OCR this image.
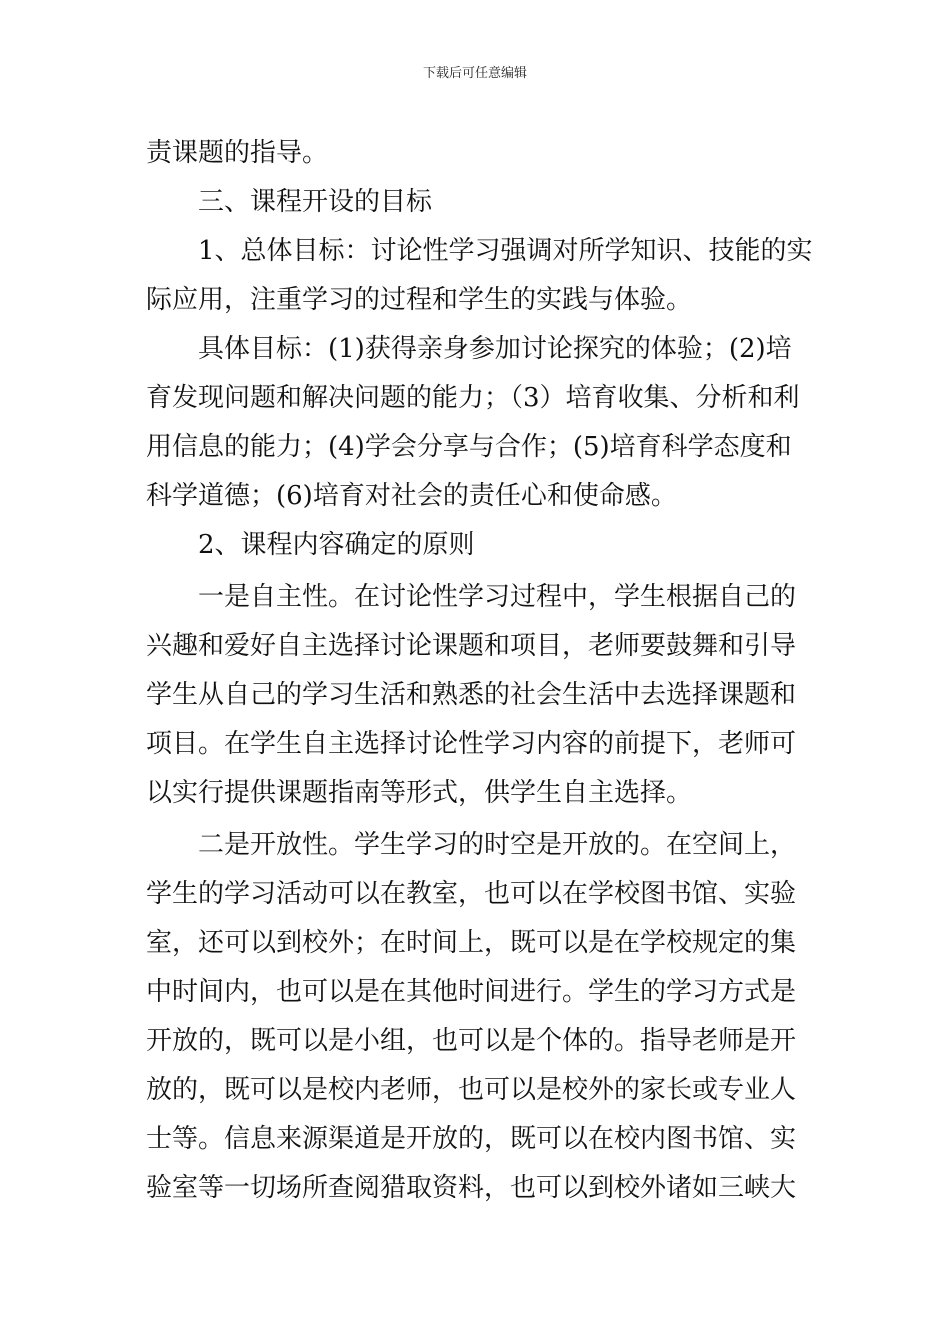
下载后可任意编辑
责课题的指导。
　　三、课程开设的目标
　　1、总体目标：讨论性学习强调对所学知识、技能的实
际应用，注重学习的过程和学生的实践与体验。
　　具体目标：(1)获得亲身参加讨论探究的体验；(2)培
育发现问题和解决问题的能力；（3）培育收集、分析和利
用信息的能力；(4)学会分享与合作；(5)培育科学态度和
科学道德；(6)培育对社会的责任心和使命感。
　　2、课程内容确定的原则
　　一是自主性。在讨论性学习过程中，学生根据自己的
兴趣和爱好自主选择讨论课题和项目，老师要鼓舞和引导
学生从自己的学习生活和熟悉的社会生活中去选择课题和
项目。在学生自主选择讨论性学习内容的前提下，老师可
以实行提供课题指南等形式，供学生自主选择。
　　二是开放性。学生学习的时空是开放的。在空间上，
学生的学习活动可以在教室，也可以在学校图书馆、实验
室，还可以到校外；在时间上，既可以是在学校规定的集
中时间内，也可以是在其他时间进行。学生的学习方式是
开放的，既可以是小组，也可以是个体的。指导老师是开
放的，既可以是校内老师，也可以是校外的家长或专业人
士等。信息来源渠道是开放的，既可以在校内图书馆、实
验室等一切场所查阅猎取资料，也可以到校外诸如三峡大
